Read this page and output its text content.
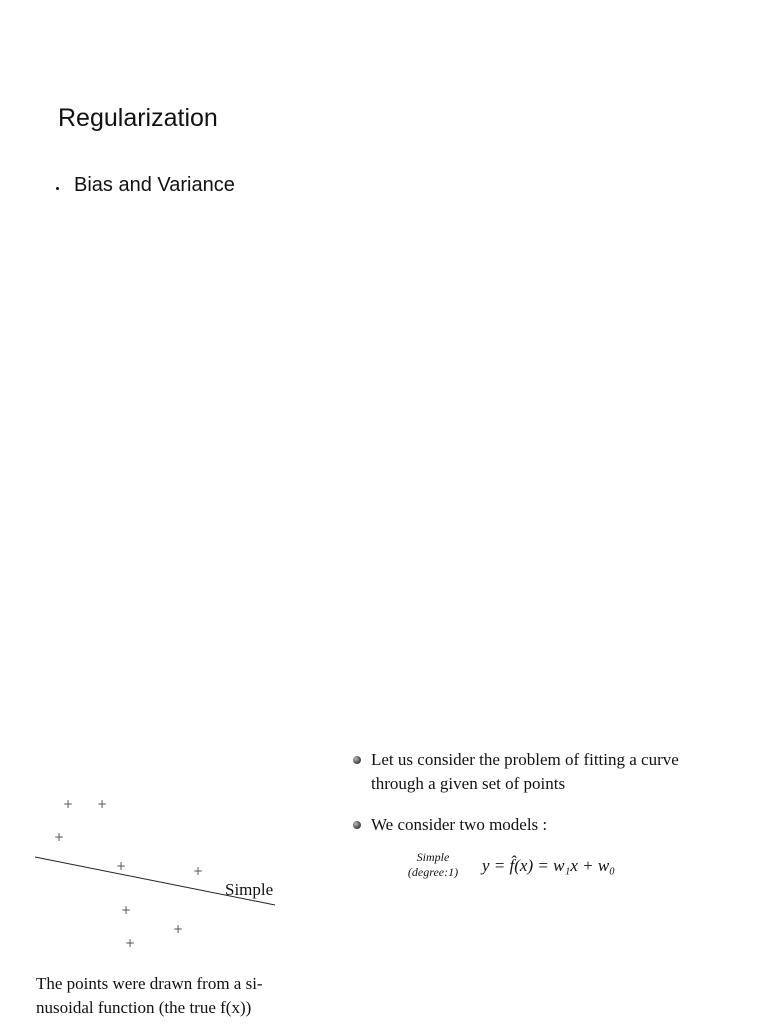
Regularization
Bias and Variance
+ +
+
+	+
+
+
+
Simple
The points were drawn from a si-
nusoidal function (the true f(x))
Let us consider the problem of fitting a curve
through a given set of points
We consider two models :
Simple
(degree:1)	y = f̂(x) = w₁x + w₀
